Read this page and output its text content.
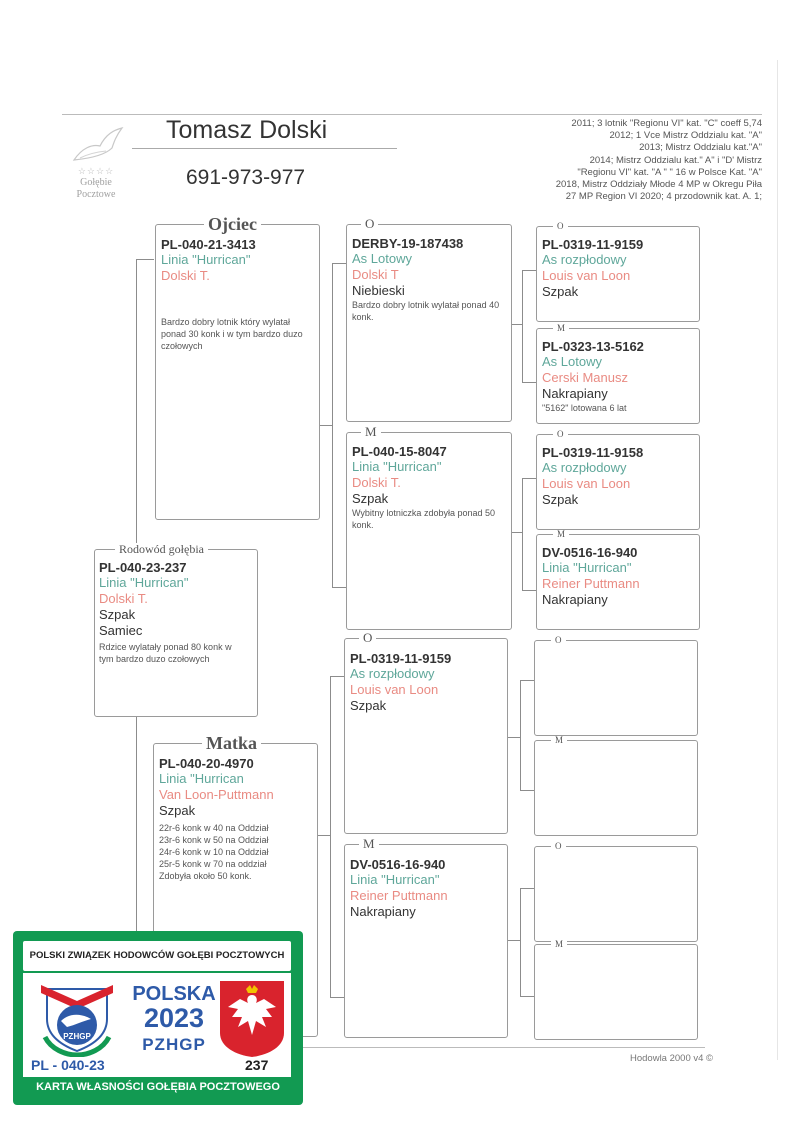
☆☆☆☆
Gołębie
Pocztowe
Tomasz Dolski
691-973-977
2011; 3 lotnik "Regionu VI" kat. "C" coeff 5,74
2012; 1 Vce Mistrz Oddzialu kat. "A"
2013; Mistrz Oddzialu kat."A"
2014; Mistrz Oddzialu kat." A" i "D' Mistrz
"Regionu VI" kat. "A " " 16 w Polsce Kat. "A"
2018, Mistrz Oddziały Młode 4 MP w Okregu Piła
27 MP Region VI 2020; 4 przodownik kat. A. 1;
Rodowód gołębia
PL-040-23-237
Linia "Hurrican"
Dolski T.
Szpak
Samiec
Rdzice wylatały ponad 80 konk w tym bardzo duzo czołowych
Ojciec
PL-040-21-3413
Linia "Hurrican"
Dolski T.
Bardzo dobry lotnik który wylatał ponad 30 konk i w tym bardzo duzo czołowych
Matka
PL-040-20-4970
Linia "Hurrican
Van Loon-Puttmann
Szpak
22r-6 konk w 40 na Oddział
23r-6 konk w 50 na Oddział
24r-6 konk w 10 na Oddział
25r-5 konk w 70 na oddział
Zdobyła około 50 konk.
O
DERBY-19-187438
As Lotowy
Dolski T
Niebieski
Bardzo dobry lotnik wylatał ponad 40 konk.
M
PL-040-15-8047
Linia "Hurrican"
Dolski T.
Szpak
Wybitny lotniczka zdobyła ponad 50 konk.
O
PL-0319-11-9159
As rozpłodowy
Louis van Loon
Szpak
M
DV-0516-16-940
Linia "Hurrican"
Reiner Puttmann
Nakrapiany
O
PL-0319-11-9159
As rozpłodowy
Louis van Loon
Szpak
M
PL-0323-13-5162
As Lotowy
Cerski Manusz
Nakrapiany
"5162" lotowana 6 lat
O
PL-0319-11-9158
As rozpłodowy
Louis van Loon
Szpak
M
DV-0516-16-940
Linia "Hurrican"
Reiner Puttmann
Nakrapiany
O
M
O
M
Hodowla 2000 v4 ©
POLSKI ZWIĄZEK HODOWCÓW GOŁĘBI POCZTOWYCH
PZHGP
POLSKA
2023
PZHGP
PL - 040-23	237
KARTA WŁASNOŚCI GOŁĘBIA POCZTOWEGO
